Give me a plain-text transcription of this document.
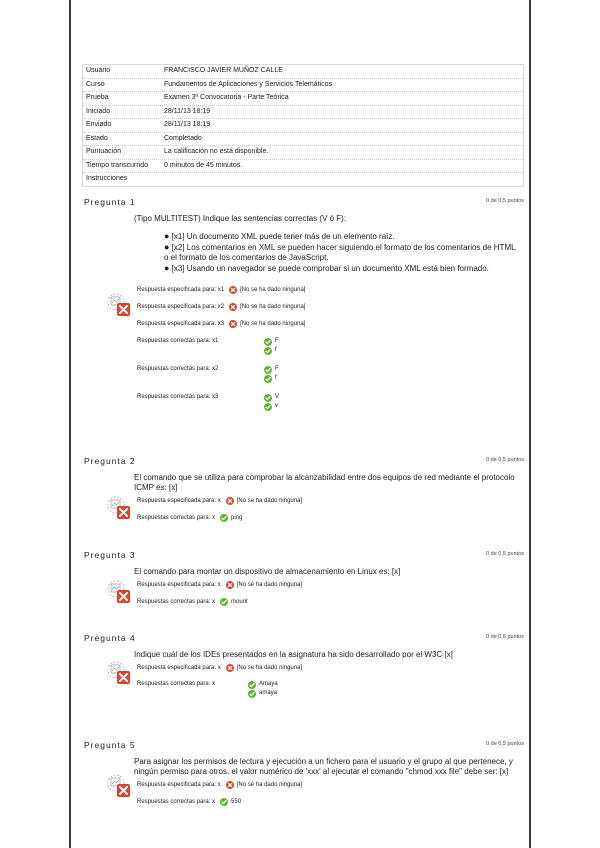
Usuario	FRANCISCO JAVIER MUÑOZ CALLE
Curso	Fundamentos de Aplicaciones y Servicios Telemáticos
Prueba	Examen 3º Convocatoria - Parte Teórica
Iniciado	28/11/13 18:19
Enviado	28/11/13 18:19
Estado	Completado
Puntuación	La calificación no está disponible.
Tiempo transcurrido	0 minutos de 45 minutos.
Instrucciones
Pregunta 1	0 de 0,5 puntos
(Tipo MULTITEST) Indique las sentencias correctas (V ó F):
● [x1] Un documento XML puede tener más de un elemento raíz.
● [x2] Los comentarios en XML se pueden hacer siguiendo el formato de los comentarios de HTML o el formato de los comentarios de JavaScript.
● [x3] Usando un navegador se puede comprobar si un documento XML está bien formado.
Respuesta especificada para: x1	[No se ha dado ninguna]
Respuesta especificada para: x2	[No se ha dado ninguna]
Respuesta especificada para: x3	[No se ha dado ninguna]
Respuestas correctas para: x1	F
f
Respuestas correctas para: x2	F
f
Respuestas correctas para: x3	V
v
Pregunta 2	0 de 0,5 puntos
El comando que se utiliza para comprobar la alcanzabilidad entre dos equipos de red mediante el protocolo ICMP es: [x]
Respuesta especificada para: x	[No se ha dado ninguna]
Respuestas correctas para: x	ping
Pregunta 3	0 de 0,5 puntos
El comando para montar un dispositivo de almacenamiento en Linux es: [x]
Respuesta especificada para: x	[No se ha dado ninguna]
Respuestas correctas para: x	mount
Pregunta 4	0 de 0,5 puntos
Indique cuál de los IDEs presentados en la asignatura ha sido desarrollado por el W3C [x]
Respuesta especificada para: x	[No se ha dado ninguna]
Respuestas correctas para: x	Amaya
amaya
Pregunta 5	0 de 0,5 puntos
Para asignar los permisos de lectura y ejecución a un fichero para el usuario y el grupo al que pertenece, y ningún permiso para otros, el valor numérico de 'xxx' al ejecutar el comando "chmod xxx file" debe ser: [x]
Respuesta especificada para: x	[No se ha dado ninguna]
Respuestas correctas para: x	550
